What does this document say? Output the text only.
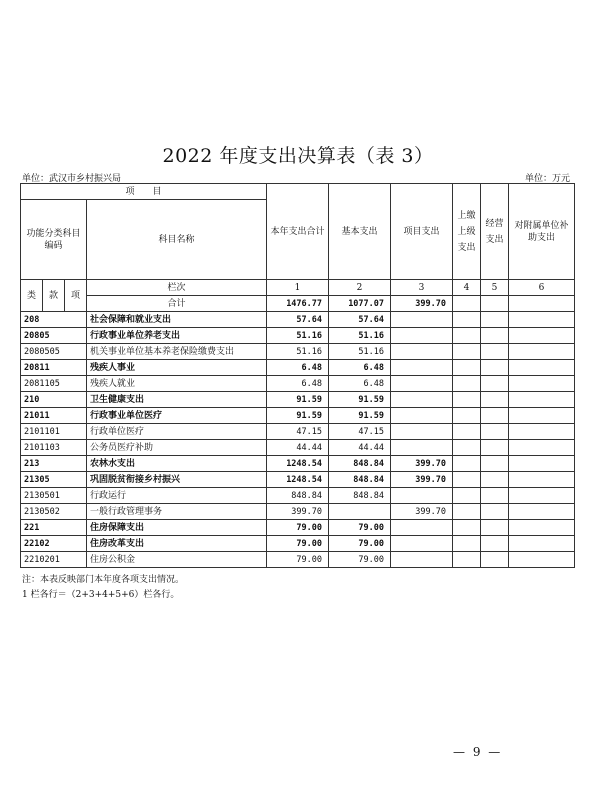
2022 年度支出决算表（表 3）
单位：武汉市乡村振兴局	单位：万元
项　　目				本年支出合计	基本支出	项目支出	上缴上级支出	经营支出	对附属单位补助支出
功能分类科目编码			科目名称						
类	款	项	栏次	1	2	3	4	5	6
			合计	1476.77	1077.07	399.70			
208			社会保障和就业支出	57.64	57.64				
20805			行政事业单位养老支出	51.16	51.16				
2080505			机关事业单位基本养老保险缴费支出	51.16	51.16				
20811			残疾人事业	6.48	6.48				
2081105			残疾人就业	6.48	6.48				
210			卫生健康支出	91.59	91.59				
21011			行政事业单位医疗	91.59	91.59				
2101101			行政单位医疗	47.15	47.15				
2101103			公务员医疗补助	44.44	44.44				
213			农林水支出	1248.54	848.84	399.70			
21305			巩固脱贫衔接乡村振兴	1248.54	848.84	399.70			
2130501			行政运行	848.84	848.84				
2130502			一般行政管理事务	399.70		399.70			
221			住房保障支出	79.00	79.00				
22102			住房改革支出	79.00	79.00				
2210201			住房公积金	79.00	79.00				
注：本表反映部门本年度各项支出情况。
1 栏各行＝（2+3+4+5+6）栏各行。
— 9 —
